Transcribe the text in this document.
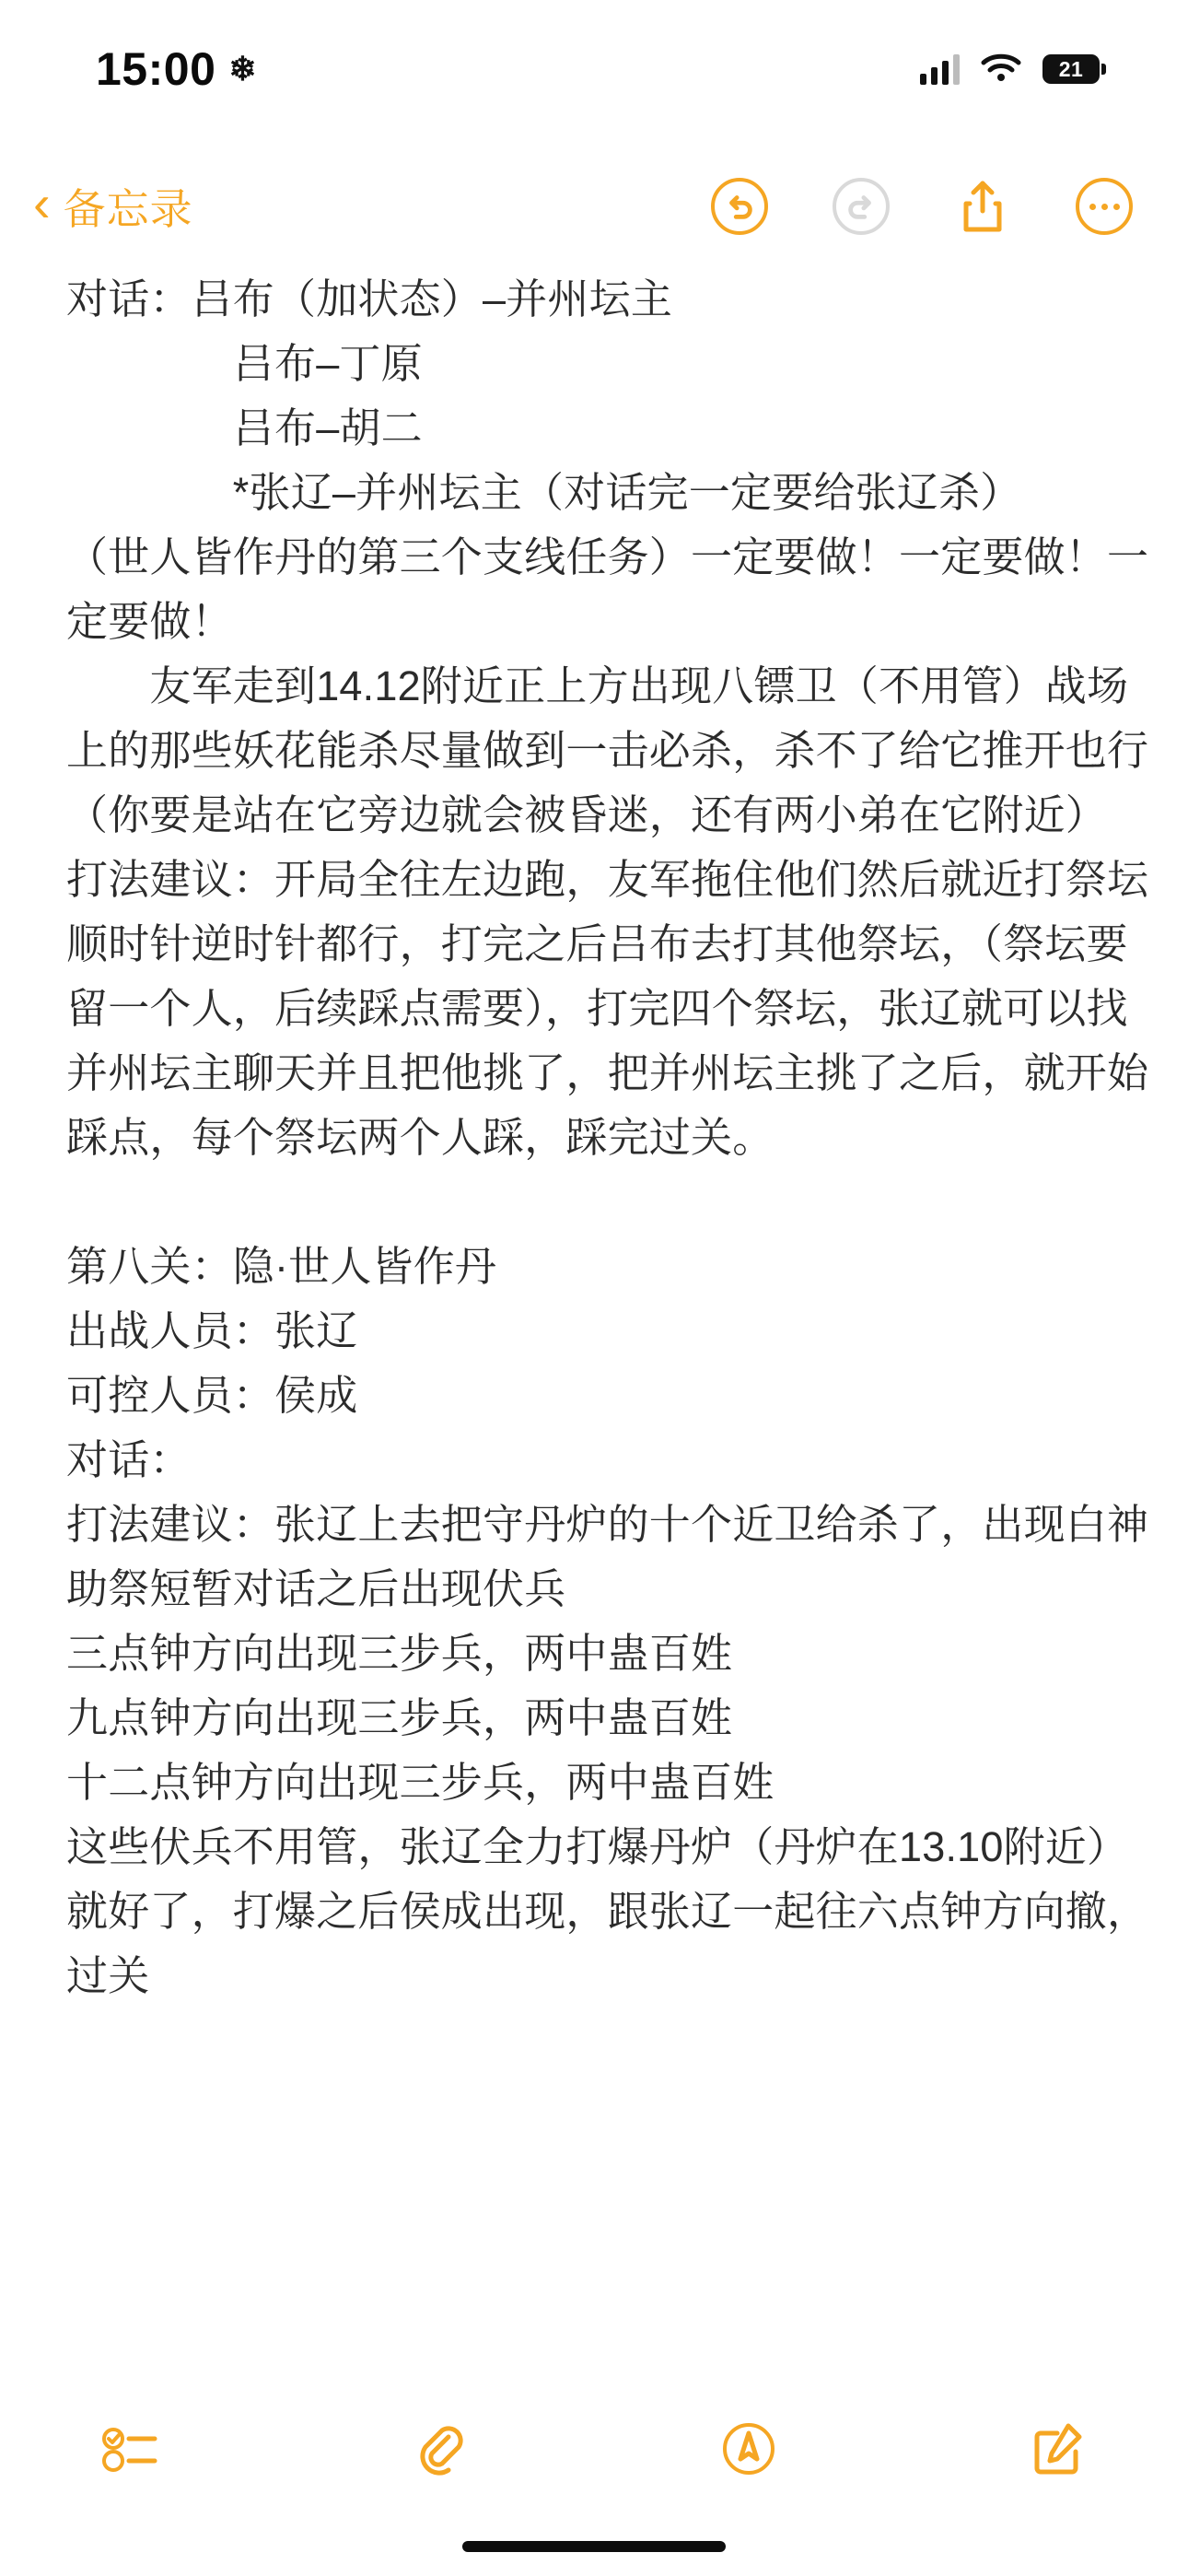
15:00 ❄	21
‹ 备忘录

对话：吕布（加状态）–并州坛主

　　　　吕布–丁原

　　　　吕布–胡二

　　　　*张辽–并州坛主（对话完一定要给张辽杀）

（世人皆作丹的第三个支线任务）一定要做！一定要做！一定要做！

　　友军走到14.12附近正上方出现八镖卫（不用管）战场上的那些妖花能杀尽量做到一击必杀，杀不了给它推开也行（你要是站在它旁边就会被昏迷，还有两小弟在它附近）

打法建议：开局全往左边跑，友军拖住他们然后就近打祭坛顺时针逆时针都行，打完之后吕布去打其他祭坛，（祭坛要留一个人，后续踩点需要），打完四个祭坛，张辽就可以找并州坛主聊天并且把他挑了，把并州坛主挑了之后，就开始踩点，每个祭坛两个人踩，踩完过关。

第八关：隐·世人皆作丹

出战人员：张辽

可控人员：侯成

对话：

打法建议：张辽上去把守丹炉的十个近卫给杀了，出现白神助祭短暂对话之后出现伏兵

三点钟方向出现三步兵，两中蛊百姓

九点钟方向出现三步兵，两中蛊百姓

十二点钟方向出现三步兵，两中蛊百姓

这些伏兵不用管，张辽全力打爆丹炉（丹炉在13.10附近）就好了，打爆之后侯成出现，跟张辽一起往六点钟方向撤，过关
